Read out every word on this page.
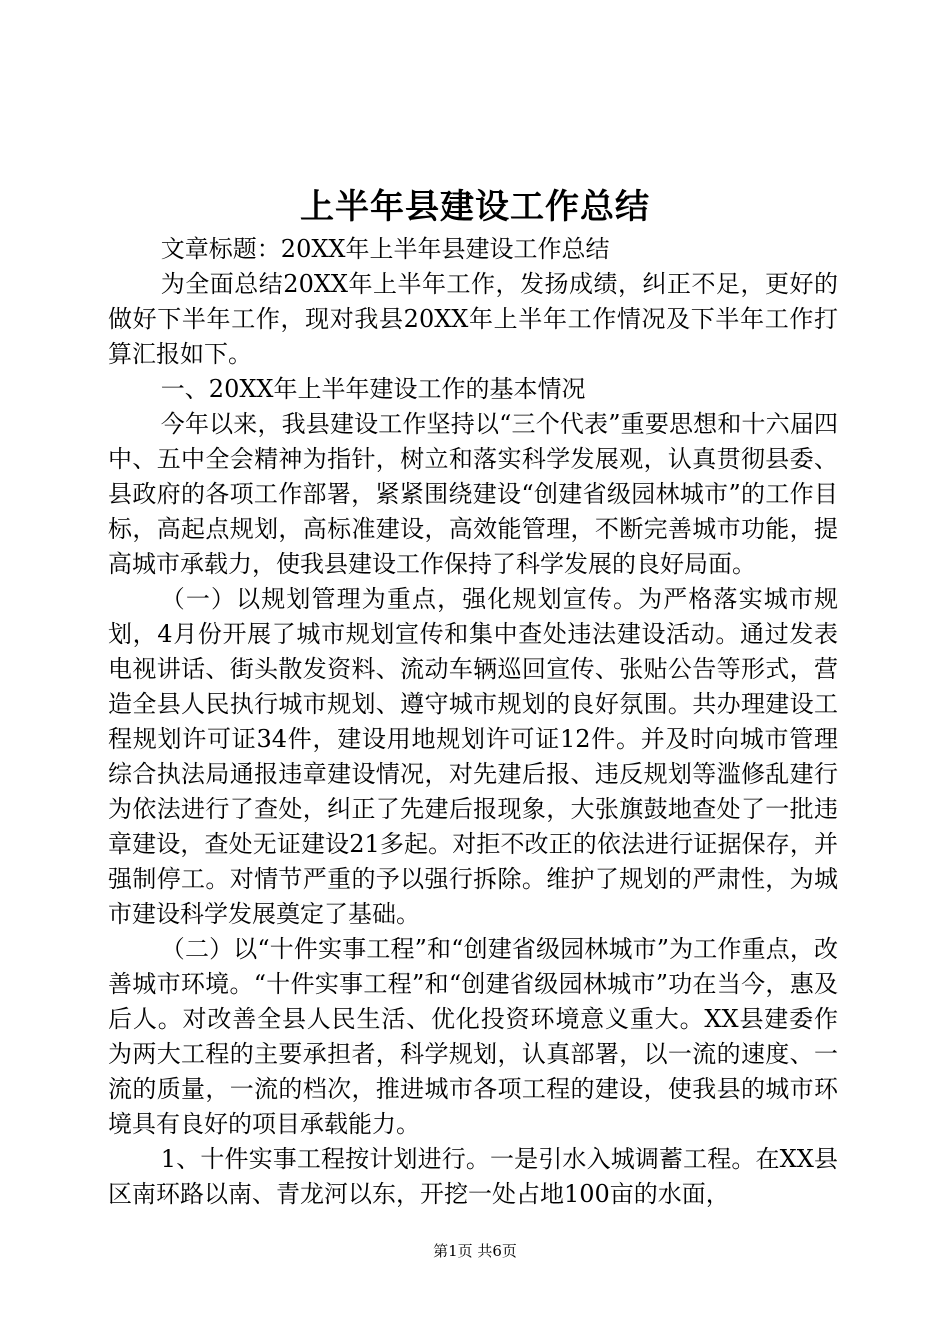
上半年县建设工作总结

文章标题：20XX年上半年县建设工作总结

为全面总结20XX年上半年工作，发扬成绩，纠正不足，更好的做好下半年工作，现对我县20XX年上半年工作情况及下半年工作打算汇报如下。

一、20XX年上半年建设工作的基本情况

今年以来，我县建设工作坚持以“三个代表”重要思想和十六届四中、五中全会精神为指针，树立和落实科学发展观，认真贯彻县委、县政府的各项工作部署，紧紧围绕建设“创建省级园林城市”的工作目标，高起点规划，高标准建设，高效能管理，不断完善城市功能，提高城市承载力，使我县建设工作保持了科学发展的良好局面。

（一）以规划管理为重点，强化规划宣传。为严格落实城市规划，4月份开展了城市规划宣传和集中查处违法建设活动。通过发表电视讲话、街头散发资料、流动车辆巡回宣传、张贴公告等形式，营造全县人民执行城市规划、遵守城市规划的良好氛围。共办理建设工程规划许可证34件，建设用地规划许可证12件。并及时向城市管理综合执法局通报违章建设情况，对先建后报、违反规划等滥修乱建行为依法进行了查处，纠正了先建后报现象，大张旗鼓地查处了一批违章建设，查处无证建设21多起。对拒不改正的依法进行证据保存，并强制停工。对情节严重的予以强行拆除。维护了规划的严肃性，为城市建设科学发展奠定了基础。

（二）以“十件实事工程”和“创建省级园林城市”为工作重点，改善城市环境。“十件实事工程”和“创建省级园林城市”功在当今，惠及后人。对改善全县人民生活、优化投资环境意义重大。XX县建委作为两大工程的主要承担者，科学规划，认真部署，以一流的速度、一流的质量，一流的档次，推进城市各项工程的建设，使我县的城市环境具有良好的项目承载能力。

1、十件实事工程按计划进行。一是引水入城调蓄工程。在XX县区南环路以南、青龙河以东，开挖一处占地100亩的水面，

第1页 共6页
